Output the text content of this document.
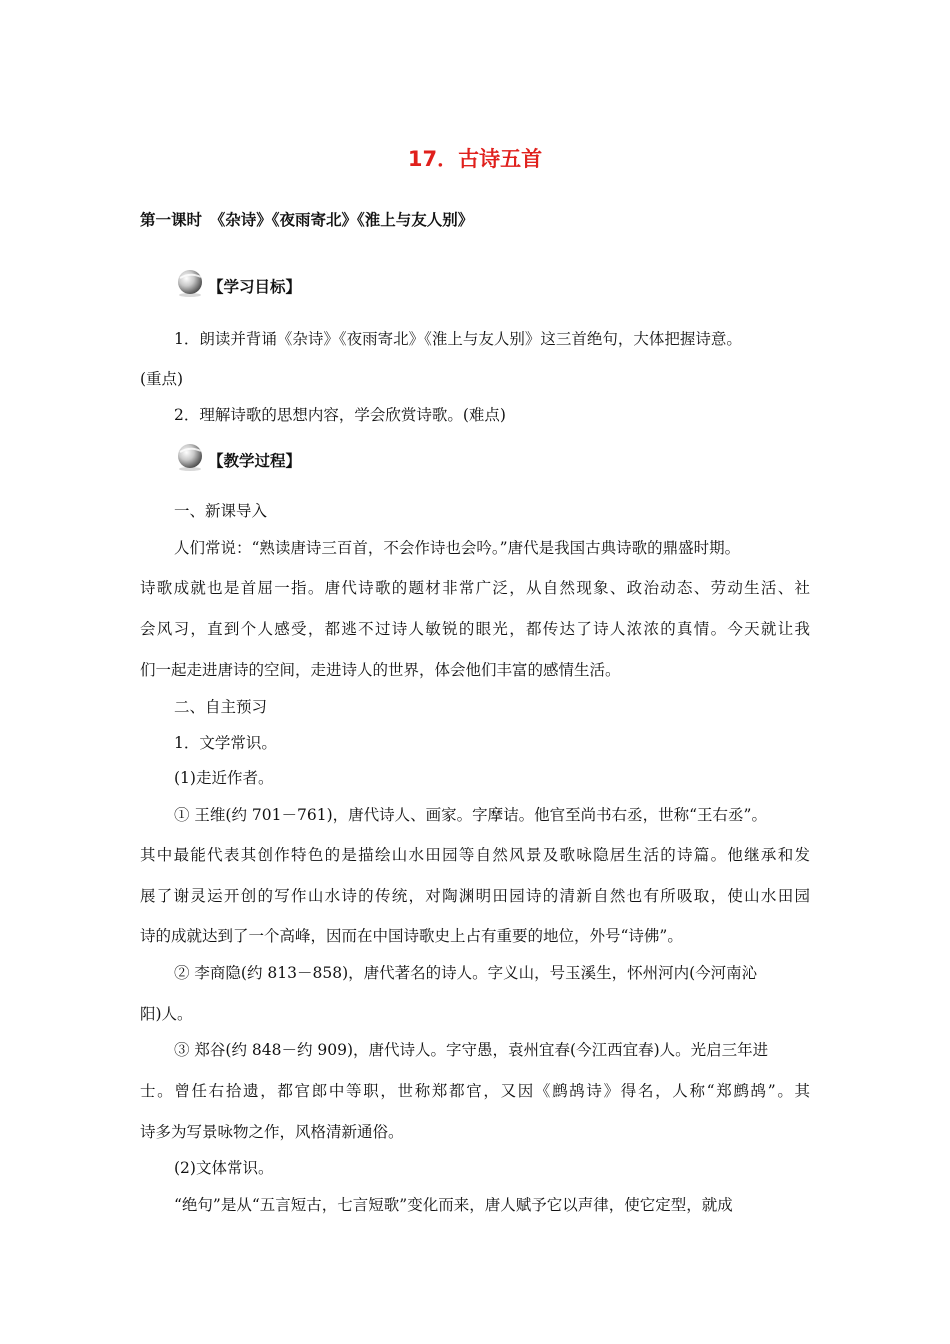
17．古诗五首
第一课时　《杂诗》《夜雨寄北》《淮上与友人别》
【学习目标】
1．朗读并背诵《杂诗》《夜雨寄北》《淮上与友人别》这三首绝句，大体把握诗意。
(重点)
2．理解诗歌的思想内容，学会欣赏诗歌。(难点)
【教学过程】
一、新课导入
人们常说：“熟读唐诗三百首，不会作诗也会吟。”唐代是我国古典诗歌的鼎盛时期。
诗歌成就也是首屈一指。唐代诗歌的题材非常广泛，从自然现象、政治动态、劳动生活、社
会风习，直到个人感受，都逃不过诗人敏锐的眼光，都传达了诗人浓浓的真情。今天就让我
们一起走进唐诗的空间，走进诗人的世界，体会他们丰富的感情生活。
二、自主预习
1．文学常识。
(1)走近作者。
① 王维(约 701－761)，唐代诗人、画家。字摩诘。他官至尚书右丞，世称“王右丞”。
其中最能代表其创作特色的是描绘山水田园等自然风景及歌咏隐居生活的诗篇。他继承和发
展了谢灵运开创的写作山水诗的传统，对陶渊明田园诗的清新自然也有所吸取，使山水田园
诗的成就达到了一个高峰，因而在中国诗歌史上占有重要的地位，外号“诗佛”。
② 李商隐(约 813－858)，唐代著名的诗人。字义山，号玉溪生，怀州河内(今河南沁
阳)人。
③ 郑谷(约 848－约 909)，唐代诗人。字守愚，袁州宜春(今江西宜春)人。光启三年进
士。曾任右拾遗，都官郎中等职，世称郑都官，又因《鹧鸪诗》得名，人称“郑鹧鸪”。其
诗多为写景咏物之作，风格清新通俗。
(2)文体常识。
“绝句”是从“五言短古，七言短歌”变化而来，唐人赋予它以声律，使它定型，就成
